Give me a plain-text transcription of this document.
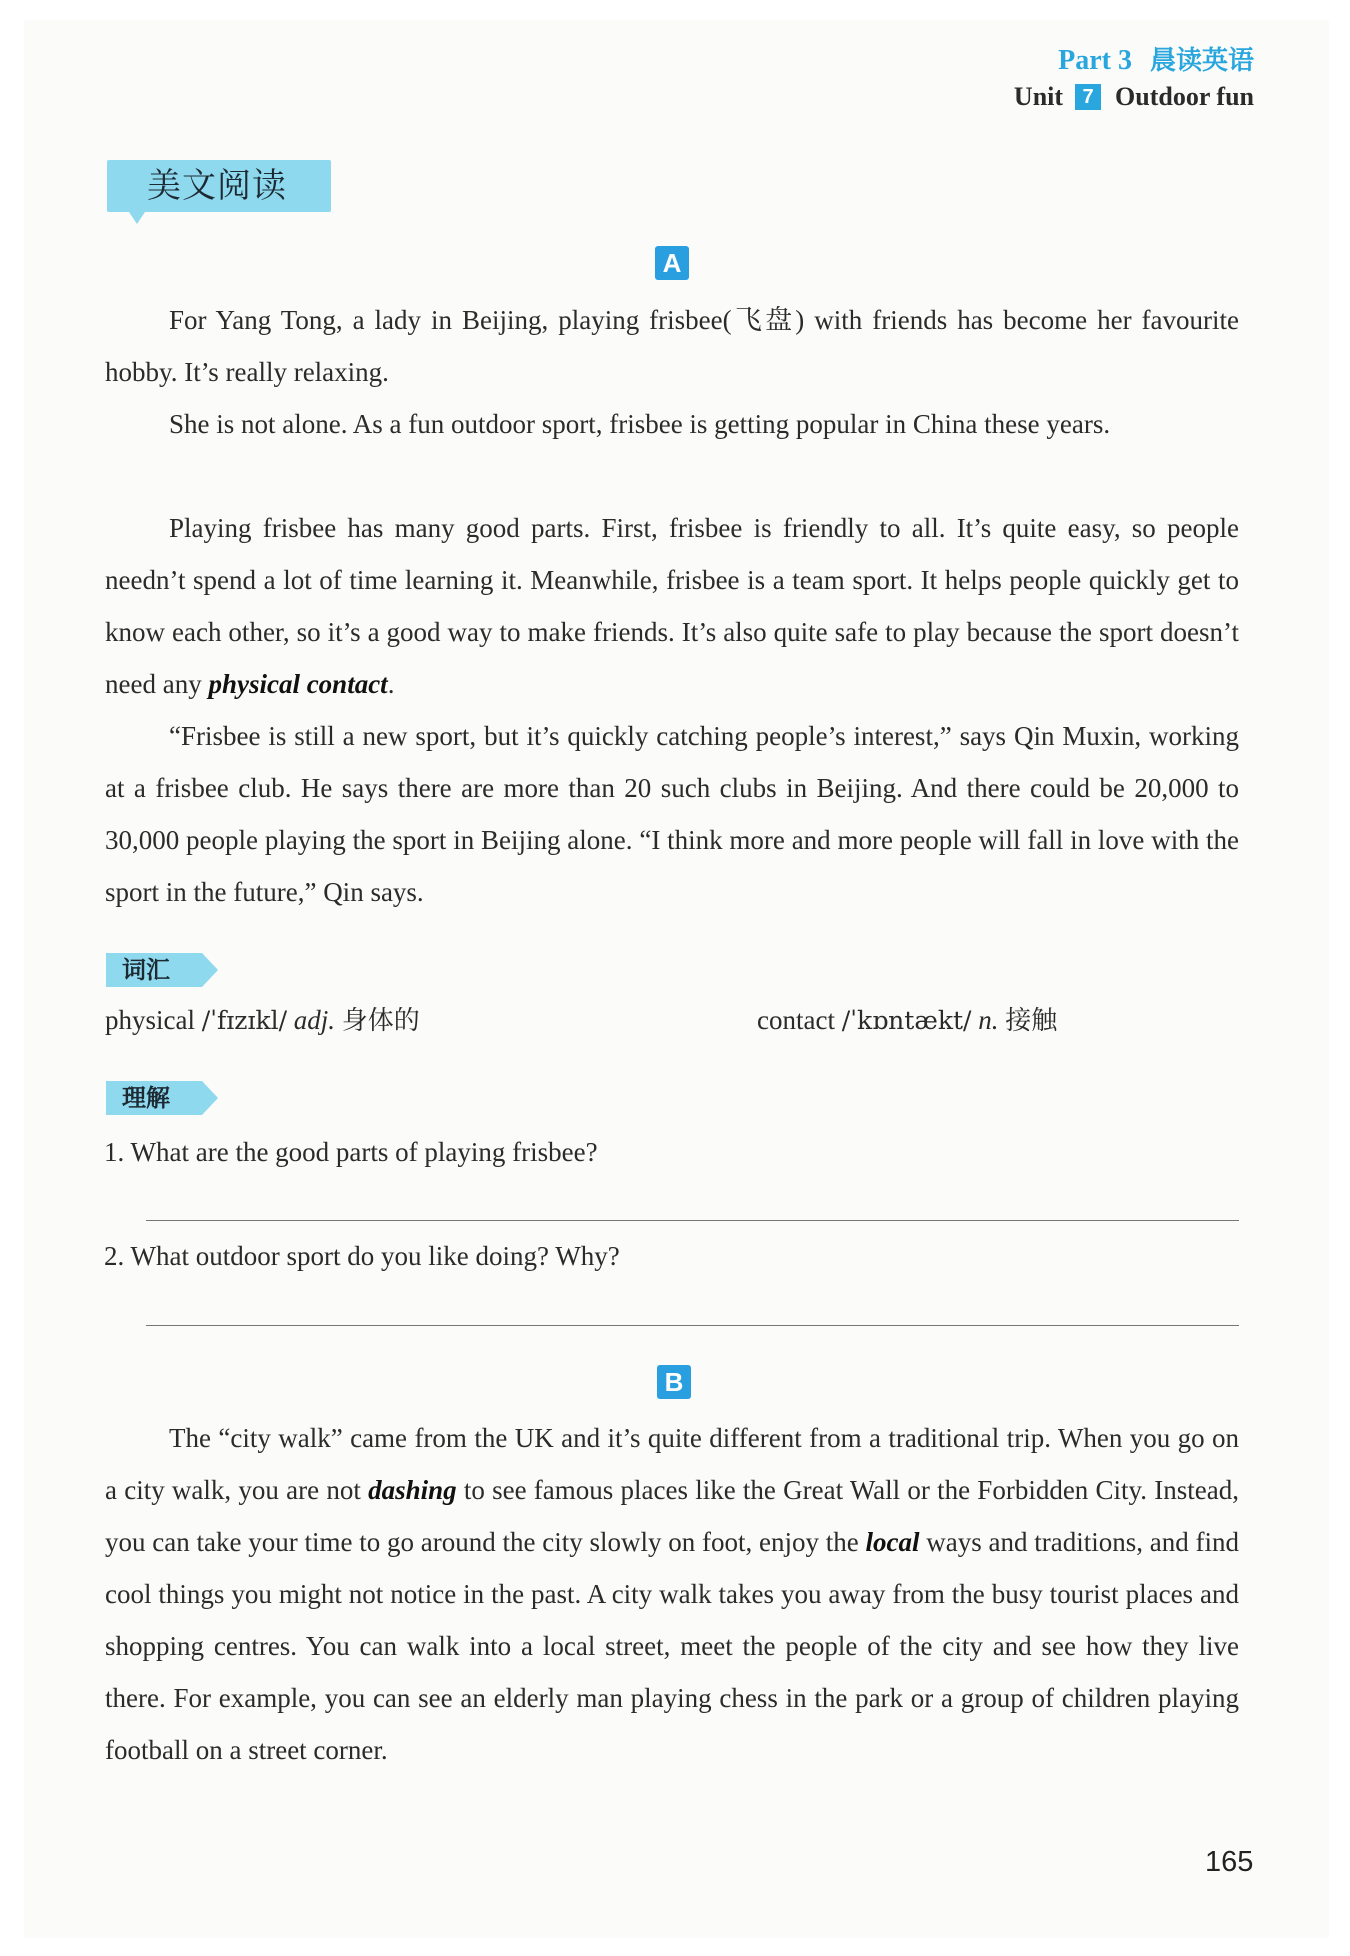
Part 3 晨读英语
Unit 7 Outdoor fun
美文阅读
A

For Yang Tong, a lady in Beijing, playing frisbee(飞盘) with friends has become her favourite hobby. It’s really relaxing.

She is not alone. As a fun outdoor sport, frisbee is getting popular in China these years.

Playing frisbee has many good parts. First, frisbee is friendly to all. It’s quite easy, so people needn’t spend a lot of time learning it. Meanwhile, frisbee is a team sport. It helps people quickly get to know each other, so it’s a good way to make friends. It’s also quite safe to play because the sport doesn’t need any physical contact.

“Frisbee is still a new sport, but it’s quickly catching people’s interest,” says Qin Muxin, working at a frisbee club. He says there are more than 20 such clubs in Beijing. And there could be 20,000 to 30,000 people playing the sport in Beijing alone. “I think more and more people will fall in love with the sport in the future,” Qin says.

词汇
physical /ˈfɪzɪkl/ adj. 身体的	contact /ˈkɒntækt/ n. 接触
理解
1. What are the good parts of playing frisbee?
2. What outdoor sport do you like doing? Why?
B

The “city walk” came from the UK and it’s quite different from a traditional trip. When you go on a city walk, you are not dashing to see famous places like the Great Wall or the Forbidden City. Instead, you can take your time to go around the city slowly on foot, enjoy the local ways and traditions, and find cool things you might not notice in the past. A city walk takes you away from the busy tourist places and shopping centres. You can walk into a local street, meet the people of the city and see how they live there. For example, you can see an elderly man playing chess in the park or a group of children playing football on a street corner.

165
